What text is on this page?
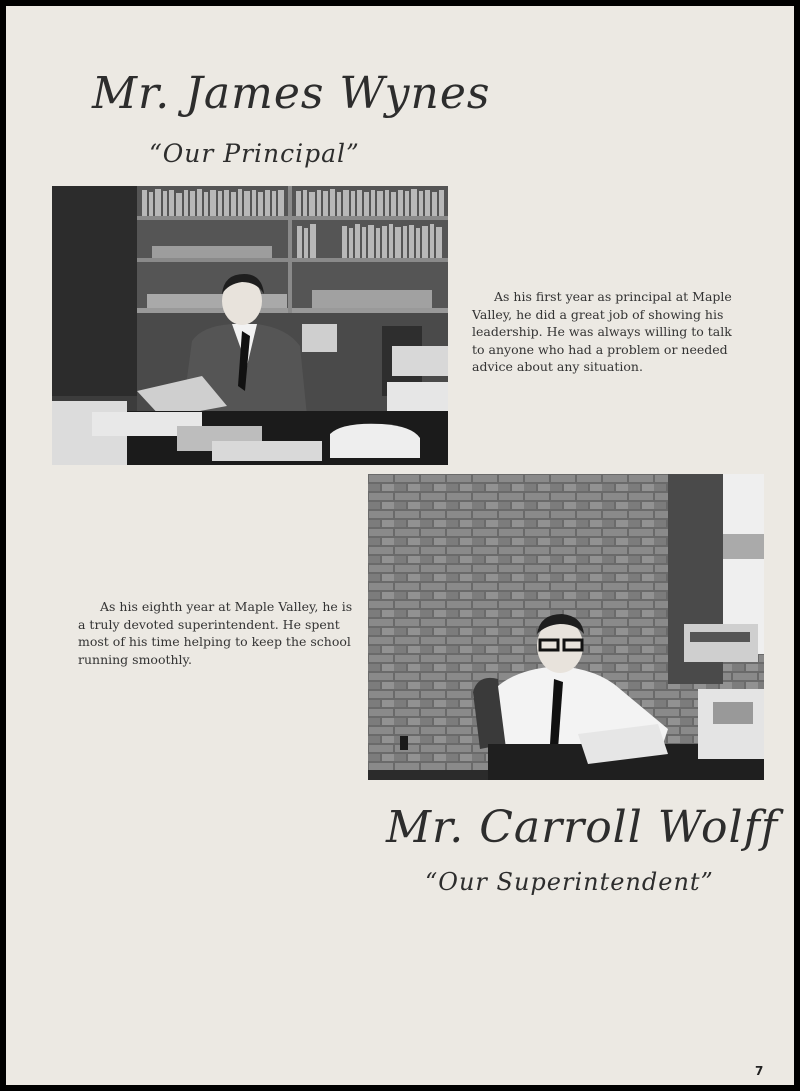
Mr. James Wynes
“Our Principal”
As his first year as principal at Maple Valley, he did a great job of showing his leadership. He was always willing to talk to anyone who had a problem or needed advice about any situation.
As his eighth year at Maple Valley, he is a truly devoted superintendent. He spent most of his time helping to keep the school running smoothly.
Mr. Carroll Wolff
“Our Superintendent”
7
